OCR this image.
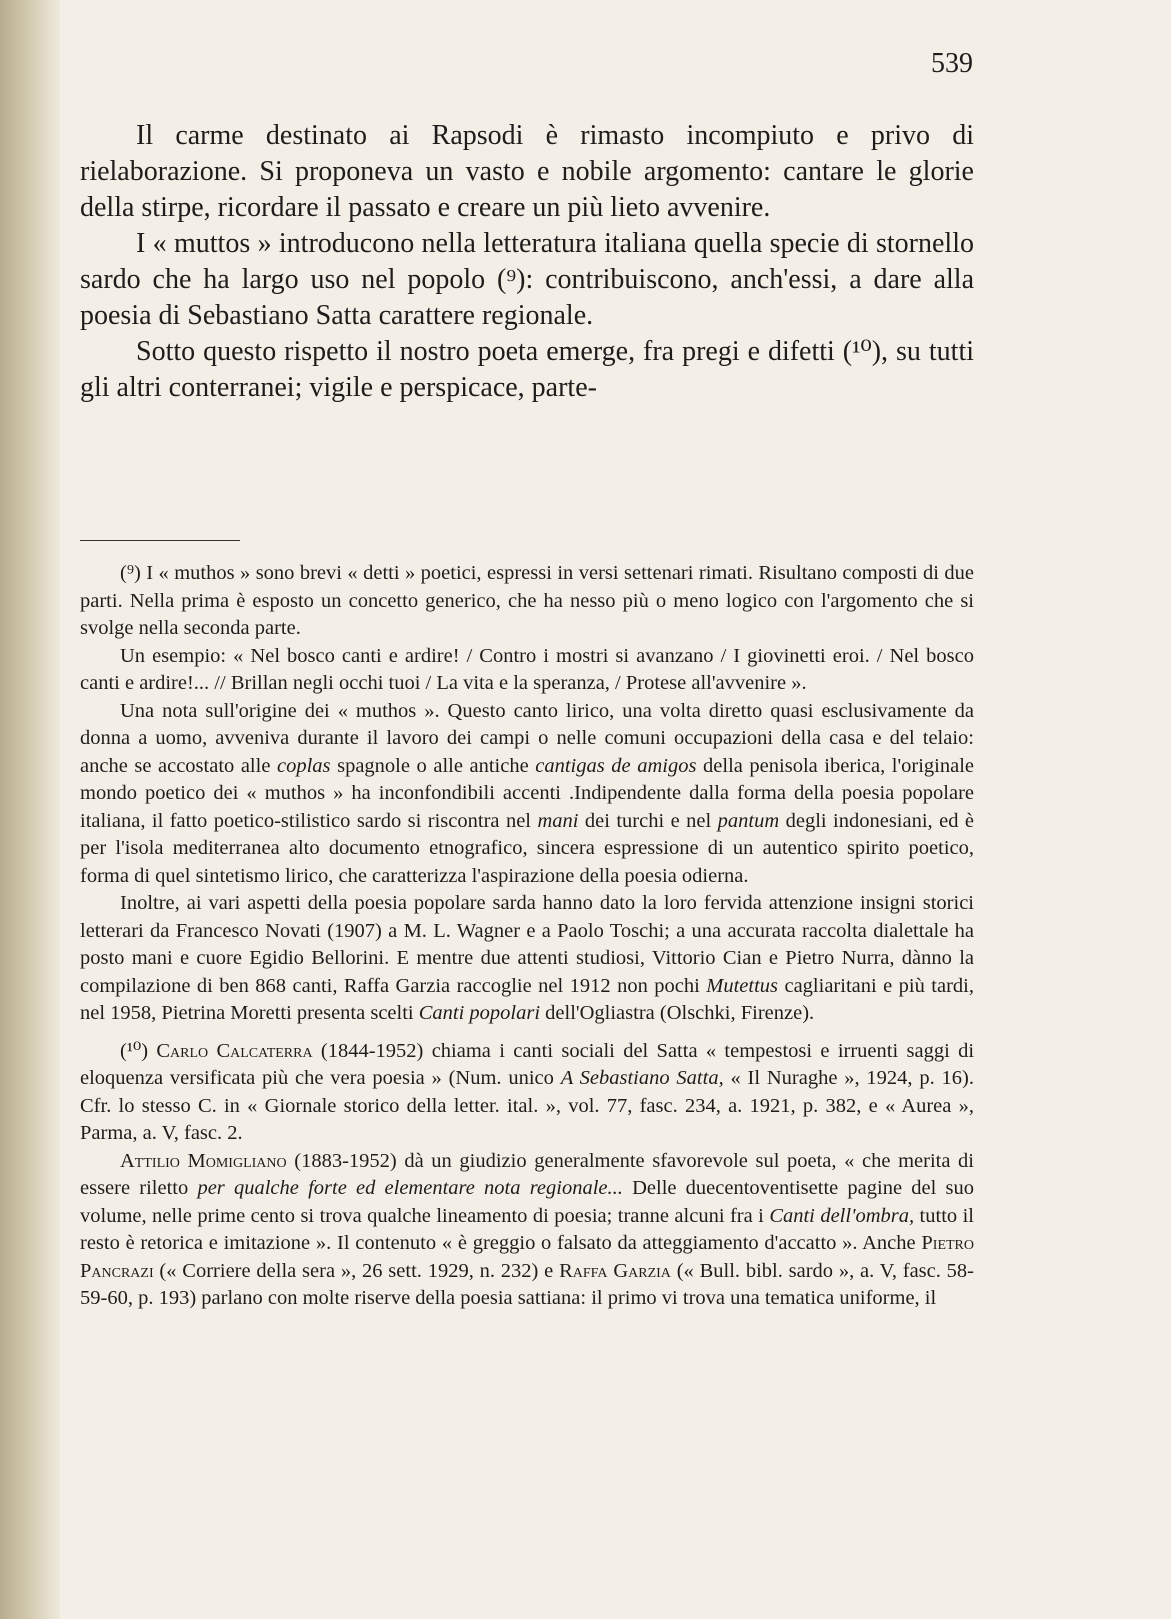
539

Il carme destinato ai Rapsodi è rimasto incompiuto e privo di rielaborazione. Si proponeva un vasto e nobile argomento: cantare le glorie della stirpe, ricordare il passato e creare un più lieto avvenire.

I « muttos » introducono nella letteratura italiana quella specie di stornello sardo che ha largo uso nel popolo (⁹): contribuiscono, anch'essi, a dare alla poesia di Sebastiano Satta carattere regionale.

Sotto questo rispetto il nostro poeta emerge, fra pregi e difetti (¹⁰), su tutti gli altri conterranei; vigile e perspicace, parte-

(⁹) I « muthos » sono brevi « detti » poetici, espressi in versi settenari rimati. Risultano composti di due parti. Nella prima è esposto un concetto generico, che ha nesso più o meno logico con l'argomento che si svolge nella seconda parte.

Un esempio: « Nel bosco canti e ardire! / Contro i mostri si avanzano / I giovinetti eroi. / Nel bosco canti e ardire!... // Brillan negli occhi tuoi / La vita e la speranza, / Protese all'avvenire ».

Una nota sull'origine dei « muthos ». Questo canto lirico, una volta diretto quasi esclusivamente da donna a uomo, avveniva durante il lavoro dei campi o nelle comuni occupazioni della casa e del telaio: anche se accostato alle coplas spagnole o alle antiche cantigas de amigos della penisola iberica, l'originale mondo poetico dei « muthos » ha inconfondibili accenti .Indipendente dalla forma della poesia popolare italiana, il fatto poetico-stilistico sardo si riscontra nel mani dei turchi e nel pantum degli indonesiani, ed è per l'isola mediterranea alto documento etnografico, sincera espressione di un autentico spirito poetico, forma di quel sintetismo lirico, che caratterizza l'aspirazione della poesia odierna.

Inoltre, ai vari aspetti della poesia popolare sarda hanno dato la loro fervida attenzione insigni storici letterari da Francesco Novati (1907) a M. L. Wagner e a Paolo Toschi; a una accurata raccolta dialettale ha posto mani e cuore Egidio Bellorini. E mentre due attenti studiosi, Vittorio Cian e Pietro Nurra, dànno la compilazione di ben 868 canti, Raffa Garzia raccoglie nel 1912 non pochi Mutettus cagliaritani e più tardi, nel 1958, Pietrina Moretti presenta scelti Canti popolari dell'Ogliastra (Olschki, Firenze).

(¹⁰) Carlo Calcaterra (1844-1952) chiama i canti sociali del Satta « tempestosi e irruenti saggi di eloquenza versificata più che vera poesia » (Num. unico A Sebastiano Satta, « Il Nuraghe », 1924, p. 16). Cfr. lo stesso C. in « Giornale storico della letter. ital. », vol. 77, fasc. 234, a. 1921, p. 382, e « Aurea », Parma, a. V, fasc. 2.

Attilio Momigliano (1883-1952) dà un giudizio generalmente sfavorevole sul poeta, « che merita di essere riletto per qualche forte ed elementare nota regionale... Delle duecentoventisette pagine del suo volume, nelle prime cento si trova qualche lineamento di poesia; tranne alcuni fra i Canti dell'ombra, tutto il resto è retorica e imitazione ». Il contenuto « è greggio o falsato da atteggiamento d'accatto ». Anche Pietro Pancrazi (« Corriere della sera », 26 sett. 1929, n. 232) e Raffa Garzia (« Bull. bibl. sardo », a. V, fasc. 58-59-60, p. 193) parlano con molte riserve della poesia sattiana: il primo vi trova una tematica uniforme, il
